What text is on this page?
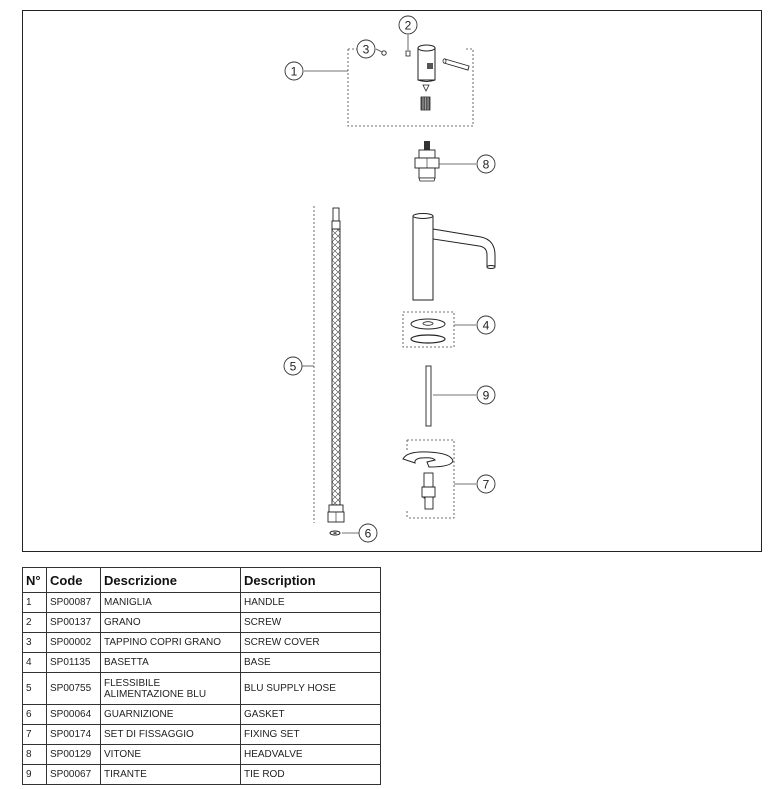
1
2
3
4
5
6
7
8
9
N°	Code	Descrizione	Description
1	SP00087	MANIGLIA	HANDLE
2	SP00137	GRANO	SCREW
3	SP00002	TAPPINO COPRI GRANO	SCREW COVER
4	SP01135	BASETTA	BASE
5	SP00755	FLESSIBILE ALIMENTAZIONE BLU	BLU SUPPLY HOSE
6	SP00064	GUARNIZIONE	GASKET
7	SP00174	SET DI FISSAGGIO	FIXING SET
8	SP00129	VITONE	HEADVALVE
9	SP00067	TIRANTE	TIE ROD
